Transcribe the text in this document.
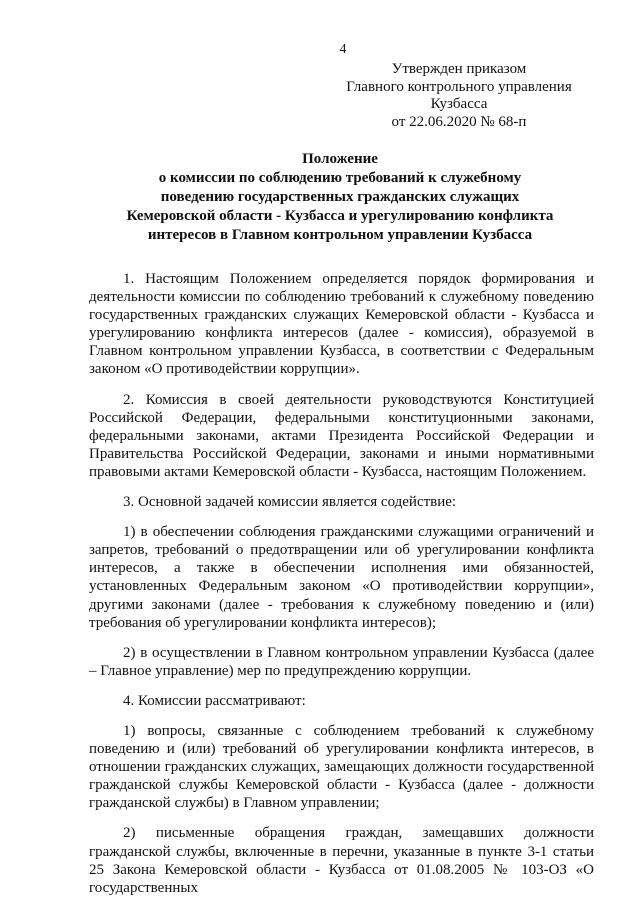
4
Утвержден приказом
Главного контрольного управления
Кузбасса
от 22.06.2020 № 68-п
Положение
о комиссии по соблюдению требований к служебному
поведению государственных гражданских служащих
Кемеровской области - Кузбасса и урегулированию конфликта
интересов в Главном контрольном управлении Кузбасса

1. Настоящим Положением определяется порядок формирования и деятельности комиссии по соблюдению требований к служебному поведению государственных гражданских служащих Кемеровской области - Кузбасса и урегулированию конфликта интересов (далее - комиссия), образуемой в Главном контрольном управлении Кузбасса, в соответствии с Федеральным законом «О противодействии коррупции».

2. Комиссия в своей деятельности руководствуются Конституцией Российской Федерации, федеральными конституционными законами, федеральными законами, актами Президента Российской Федерации и Правительства Российской Федерации, законами и иными нормативными правовыми актами Кемеровской области - Кузбасса, настоящим Положением.

3. Основной задачей комиссии является содействие:

1) в обеспечении соблюдения гражданскими служащими ограничений и запретов, требований о предотвращении или об урегулировании конфликта интересов, а также в обеспечении исполнения ими обязанностей, установленных Федеральным законом «О противодействии коррупции», другими законами (далее - требования к служебному поведению и (или) требования об урегулировании конфликта интересов);

2) в осуществлении в Главном контрольном управлении Кузбасса (далее – Главное управление) мер по предупреждению коррупции.

4. Комиссии рассматривают:

1) вопросы, связанные с соблюдением требований к служебному поведению и (или) требований об урегулировании конфликта интересов, в отношении гражданских служащих, замещающих должности государственной гражданской службы Кемеровской области - Кузбасса (далее - должности гражданской службы) в Главном управлении;

2) письменные обращения граждан, замещавших должности гражданской службы, включенные в перечни, указанные в пункте 3-1 статьи 25 Закона Кемеровской области - Кузбасса от 01.08.2005 № 103-ОЗ «О государственных
